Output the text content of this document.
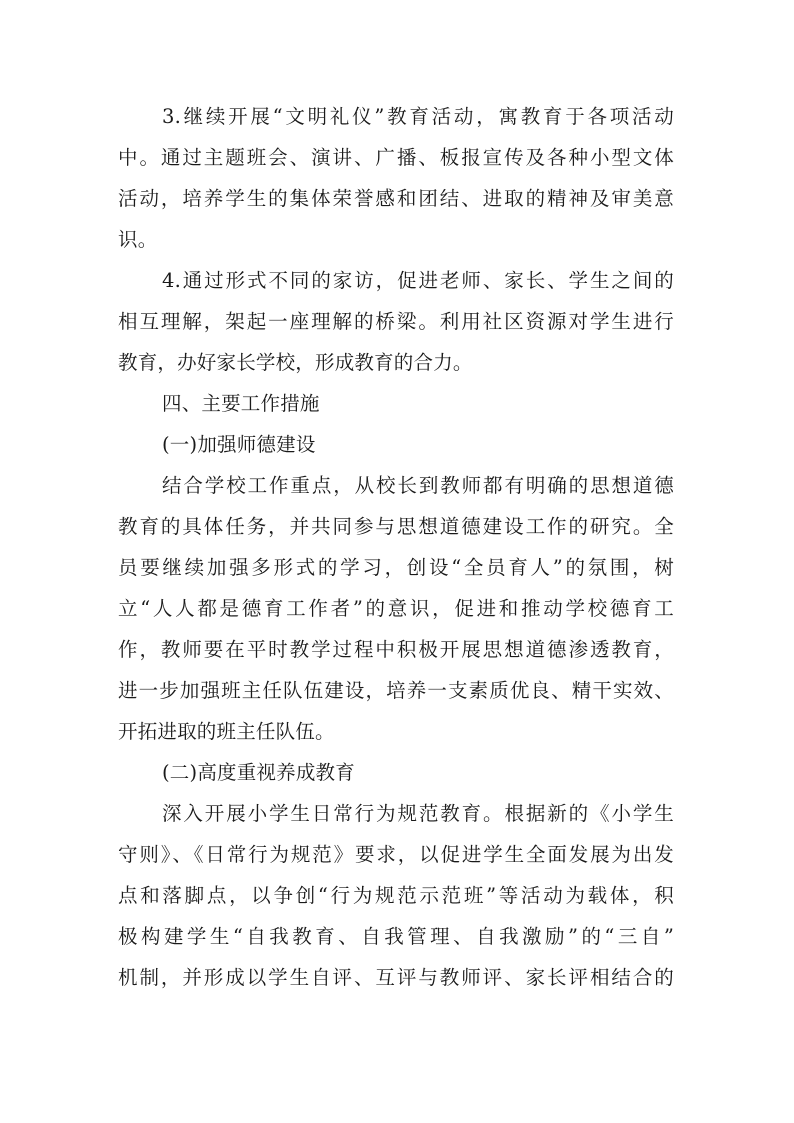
3.继续开展“文明礼仪”教育活动，寓教育于各项活动
中。通过主题班会、演讲、广播、板报宣传及各种小型文体
活动，培养学生的集体荣誉感和团结、进取的精神及审美意
识。
4.通过形式不同的家访，促进老师、家长、学生之间的
相互理解，架起一座理解的桥梁。利用社区资源对学生进行
教育，办好家长学校，形成教育的合力。
四、主要工作措施
(一)加强师德建设
结合学校工作重点，从校长到教师都有明确的思想道德
教育的具体任务，并共同参与思想道德建设工作的研究。全
员要继续加强多形式的学习，创设“全员育人”的氛围，树
立“人人都是德育工作者”的意识，促进和推动学校德育工
作，教师要在平时教学过程中积极开展思想道德渗透教育，
进一步加强班主任队伍建设，培养一支素质优良、精干实效、
开拓进取的班主任队伍。
(二)高度重视养成教育
深入开展小学生日常行为规范教育。根据新的《小学生
守则》、《日常行为规范》要求，以促进学生全面发展为出发
点和落脚点，以争创“行为规范示范班”等活动为载体，积
极构建学生“自我教育、自我管理、自我激励”的“三自”
机制，并形成以学生自评、互评与教师评、家长评相结合的
